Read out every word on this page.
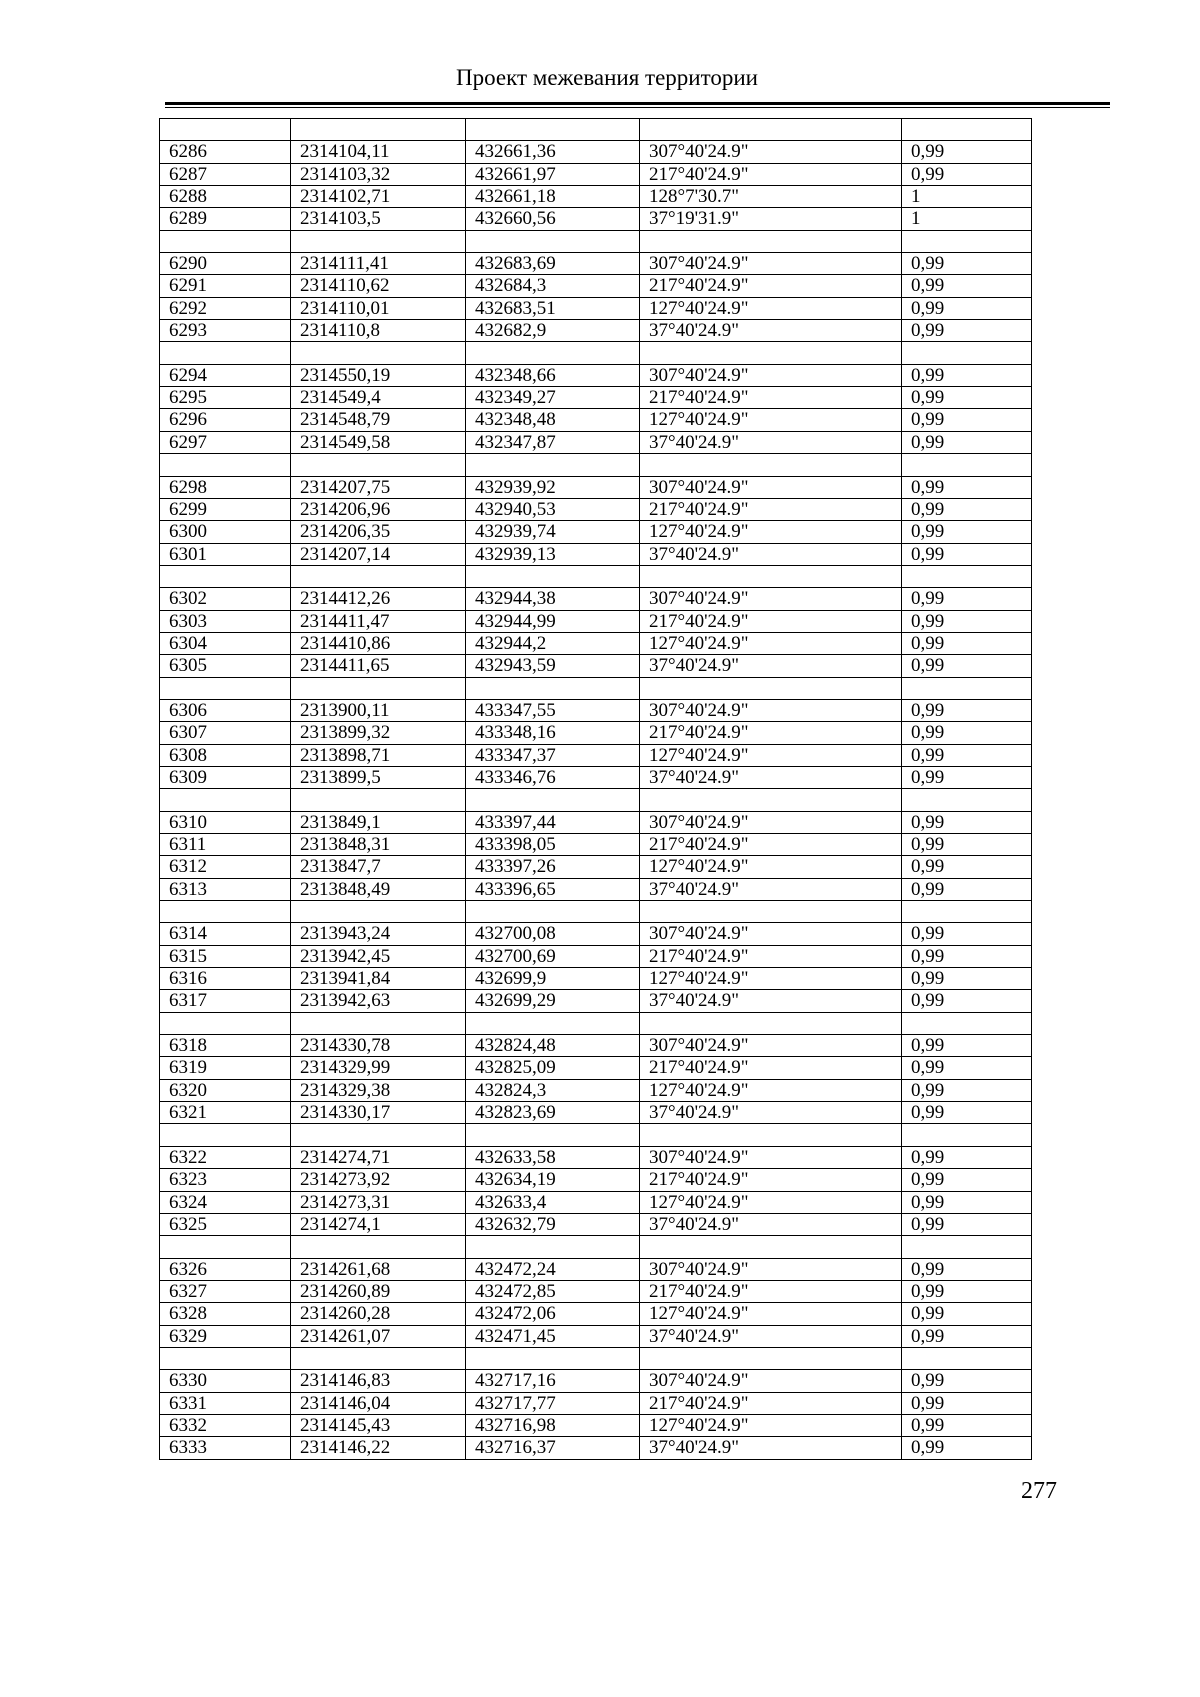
Проект межевания территории
6286	2314104,11	432661,36	307°40'24.9"	0,99
6287	2314103,32	432661,97	217°40'24.9"	0,99
6288	2314102,71	432661,18	128°7'30.7"	1
6289	2314103,5	432660,56	37°19'31.9"	1
6290	2314111,41	432683,69	307°40'24.9"	0,99
6291	2314110,62	432684,3	217°40'24.9"	0,99
6292	2314110,01	432683,51	127°40'24.9"	0,99
6293	2314110,8	432682,9	37°40'24.9"	0,99
6294	2314550,19	432348,66	307°40'24.9"	0,99
6295	2314549,4	432349,27	217°40'24.9"	0,99
6296	2314548,79	432348,48	127°40'24.9"	0,99
6297	2314549,58	432347,87	37°40'24.9"	0,99
6298	2314207,75	432939,92	307°40'24.9"	0,99
6299	2314206,96	432940,53	217°40'24.9"	0,99
6300	2314206,35	432939,74	127°40'24.9"	0,99
6301	2314207,14	432939,13	37°40'24.9"	0,99
6302	2314412,26	432944,38	307°40'24.9"	0,99
6303	2314411,47	432944,99	217°40'24.9"	0,99
6304	2314410,86	432944,2	127°40'24.9"	0,99
6305	2314411,65	432943,59	37°40'24.9"	0,99
6306	2313900,11	433347,55	307°40'24.9"	0,99
6307	2313899,32	433348,16	217°40'24.9"	0,99
6308	2313898,71	433347,37	127°40'24.9"	0,99
6309	2313899,5	433346,76	37°40'24.9"	0,99
6310	2313849,1	433397,44	307°40'24.9"	0,99
6311	2313848,31	433398,05	217°40'24.9"	0,99
6312	2313847,7	433397,26	127°40'24.9"	0,99
6313	2313848,49	433396,65	37°40'24.9"	0,99
6314	2313943,24	432700,08	307°40'24.9"	0,99
6315	2313942,45	432700,69	217°40'24.9"	0,99
6316	2313941,84	432699,9	127°40'24.9"	0,99
6317	2313942,63	432699,29	37°40'24.9"	0,99
6318	2314330,78	432824,48	307°40'24.9"	0,99
6319	2314329,99	432825,09	217°40'24.9"	0,99
6320	2314329,38	432824,3	127°40'24.9"	0,99
6321	2314330,17	432823,69	37°40'24.9"	0,99
6322	2314274,71	432633,58	307°40'24.9"	0,99
6323	2314273,92	432634,19	217°40'24.9"	0,99
6324	2314273,31	432633,4	127°40'24.9"	0,99
6325	2314274,1	432632,79	37°40'24.9"	0,99
6326	2314261,68	432472,24	307°40'24.9"	0,99
6327	2314260,89	432472,85	217°40'24.9"	0,99
6328	2314260,28	432472,06	127°40'24.9"	0,99
6329	2314261,07	432471,45	37°40'24.9"	0,99
6330	2314146,83	432717,16	307°40'24.9"	0,99
6331	2314146,04	432717,77	217°40'24.9"	0,99
6332	2314145,43	432716,98	127°40'24.9"	0,99
6333	2314146,22	432716,37	37°40'24.9"	0,99
277
